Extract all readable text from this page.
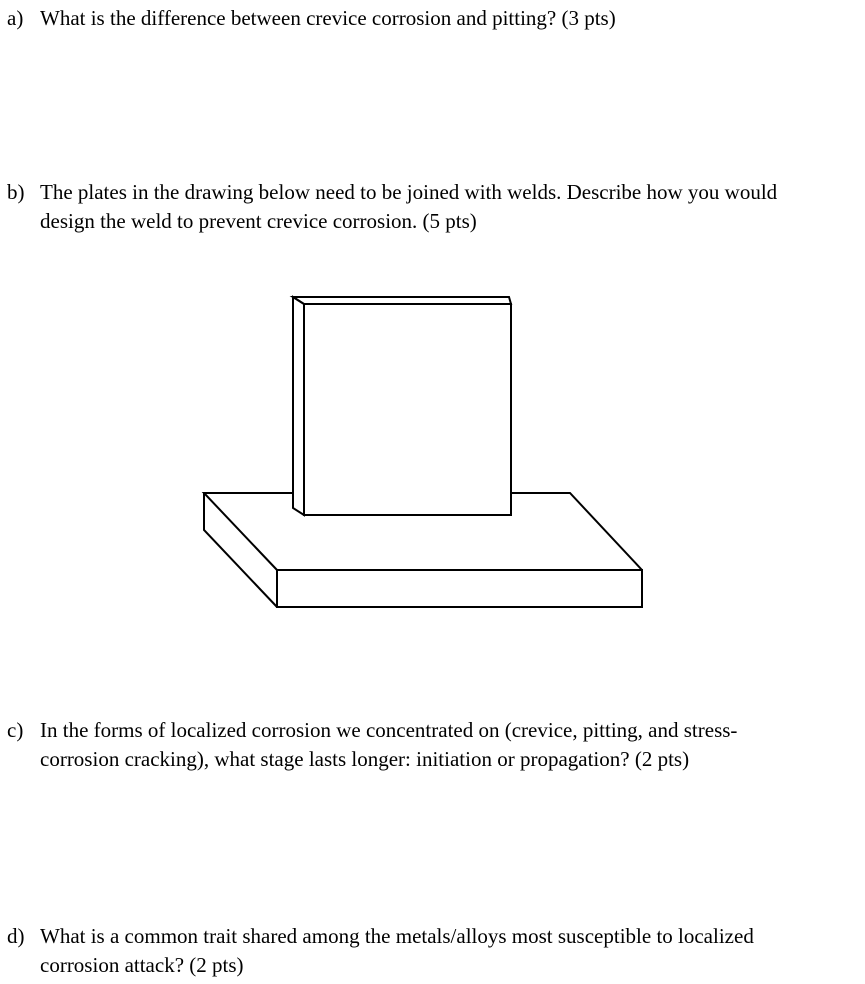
a) What is the difference between crevice corrosion and pitting? (3 pts)
b) The plates in the drawing below need to be joined with welds. Describe how you would
design the weld to prevent crevice corrosion. (5 pts)
c) In the forms of localized corrosion we concentrated on (crevice, pitting, and stress-
corrosion cracking), what stage lasts longer: initiation or propagation? (2 pts)
d) What is a common trait shared among the metals/alloys most susceptible to localized
corrosion attack? (2 pts)
